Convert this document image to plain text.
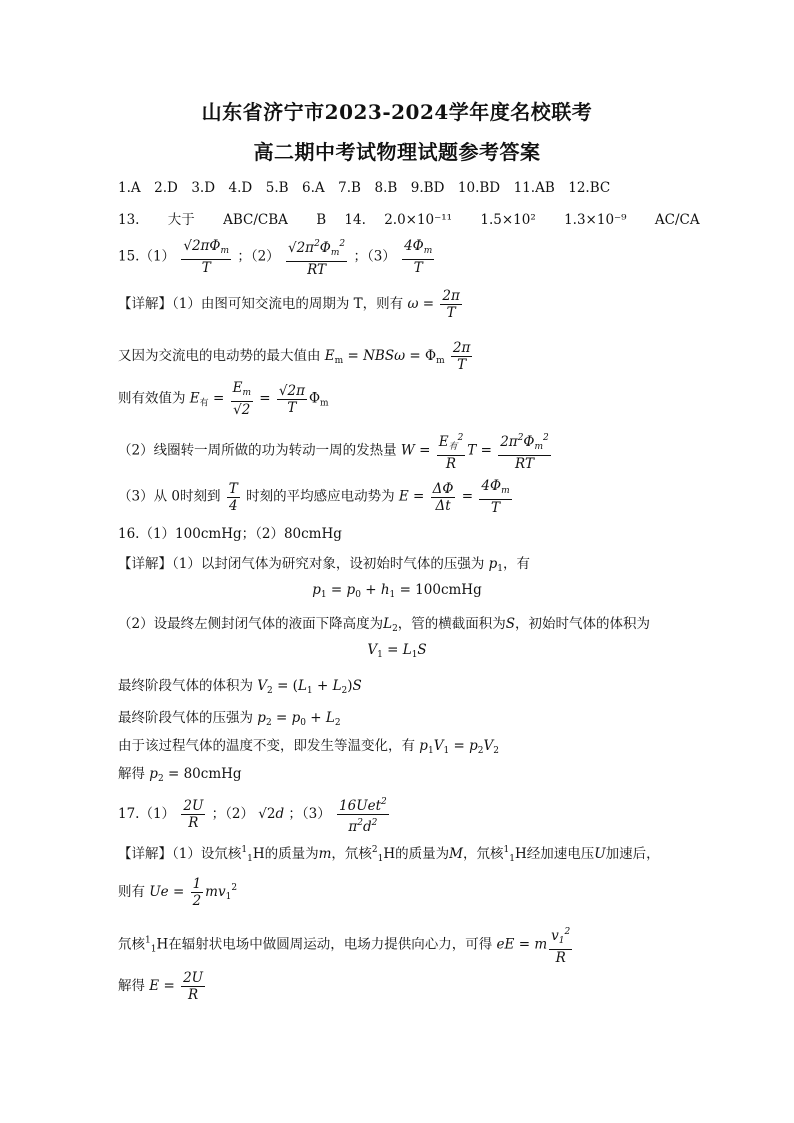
山东省济宁市2023-2024学年度名校联考
高二期中考试物理试题参考答案
1.A　2.D　3.D　4.D　5.B　6.A　7.B　8.B　9.BD　10.BD　11.AB　12.BC
13. 大于 ABC/CBA B 14. 2.0×10⁻¹¹ 1.5×10² 1.3×10⁻⁹ AC/CA
$15.(1) \frac{√2\pi\Phi_m}{T}$ ；$(2) \frac{√2\pi^2\Phi_m^2}{RT}$ ；$(3) \frac{4\Phi_m}{T}$
【详解】（1）由图可知交流电的周期为 T，则有 $\omega = \frac{2\pi}{T}$
又因为交流电的电动势的最大值由 $E_m = NBS\omega = \Phi_m \frac{2\pi}{T}$
则有效值为 $E_有 = \frac{E_m}{√2} = \frac{√2\pi}{T} \Phi_m$
（2）线圈转一周所做的功为转动一周的发热量 $W = \frac{E_有^2}{R}$ $T = \frac{2\pi^2\Phi_m^2}{RT}$
（3）从 0时刻到 $\frac{T}{4}$ 时刻的平均感应电动势为 $E = \frac{\Delta\Phi}{\Delta t} = \frac{4\Phi_m}{T}$
16.（1）100cmHg；（2）80cmHg
【详解】（1）以封闭气体为研究对象，设初始时气体的压强为 $p_1$，有
$p_1 = p_0 + h_1$ = 100cmHg
（2）设最终左侧封闭气体的液面下降高度为$L_2$，管的横截面积为S，初始时气体的体积为
$V_1 = L_1S$
最终阶段气体的体积为 $V_2 = (L_1 + L_2)S$
最终阶段气体的压强为 $p_2 = p_0 + L_2$
由于该过程气体的温度不变，即发生等温变化，有 $p_1V_1 = p_2V_2$
解得 $p_2$ = 80cmHg
$17.(1) \frac{2U}{R}$ ；（2） √2d ；$(3) \frac{16Uet^2}{\pi^2d^2}$
【详解】（1）设氘核$^1_1$H的质量为m，氘核$^2_1$H的质量为M，氘核$^1_1$H经加速电压U加速后，
则有 $Ue = \frac{1}{2} mv_1^2$
氘核$^1_1$H在辐射状电场中做圆周运动，电场力提供向心力，可得 eE = m $\frac{v_1^2}{R}$
解得 $E = \frac{2U}{R}$
